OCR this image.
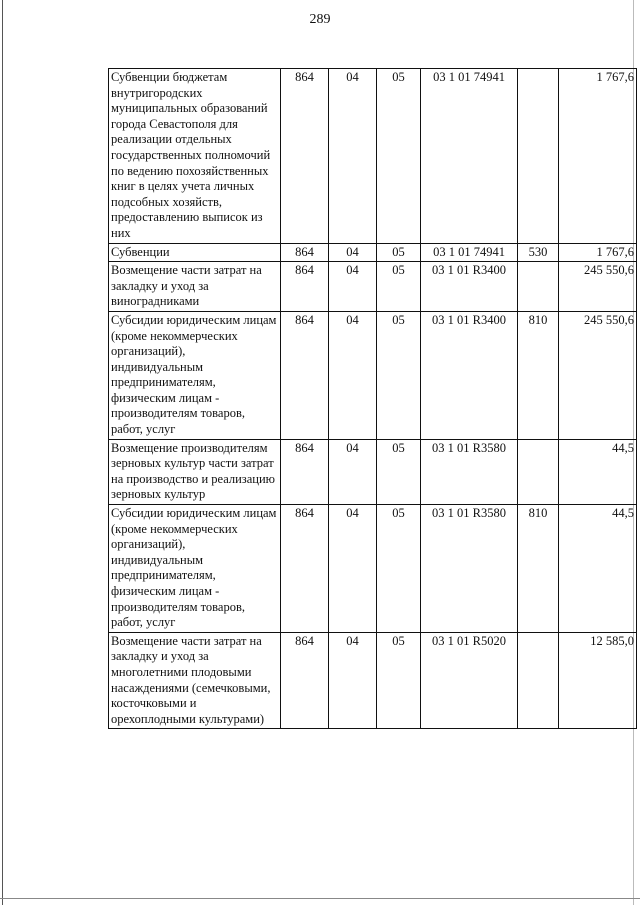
289
Субвенции бюджетам внутригородских муниципальных образований города Севастополя для реализации отдельных государственных полномочий по ведению похозяйственных книг в целях учета личных подсобных хозяйств, предоставлению выписок из них	864	04	05	03 1 01 74941		1 767,6
Субвенции	864	04	05	03 1 01 74941	530	1 767,6
Возмещение части затрат на закладку и уход за виноградниками	864	04	05	03 1 01 R3400		245 550,6
Субсидии юридическим лицам (кроме некоммерческих организаций), индивидуальным предпринимателям, физическим лицам - производителям товаров, работ, услуг	864	04	05	03 1 01 R3400	810	245 550,6
Возмещение производителям зерновых культур части затрат на производство и реализацию зерновых культур	864	04	05	03 1 01 R3580		44,5
Субсидии юридическим лицам (кроме некоммерческих организаций), индивидуальным предпринимателям, физическим лицам - производителям товаров, работ, услуг	864	04	05	03 1 01 R3580	810	44,5
Возмещение части затрат на закладку и уход за многолетними плодовыми насаждениями (семечковыми, косточковыми и орехоплодными культурами)	864	04	05	03 1 01 R5020		12 585,0
